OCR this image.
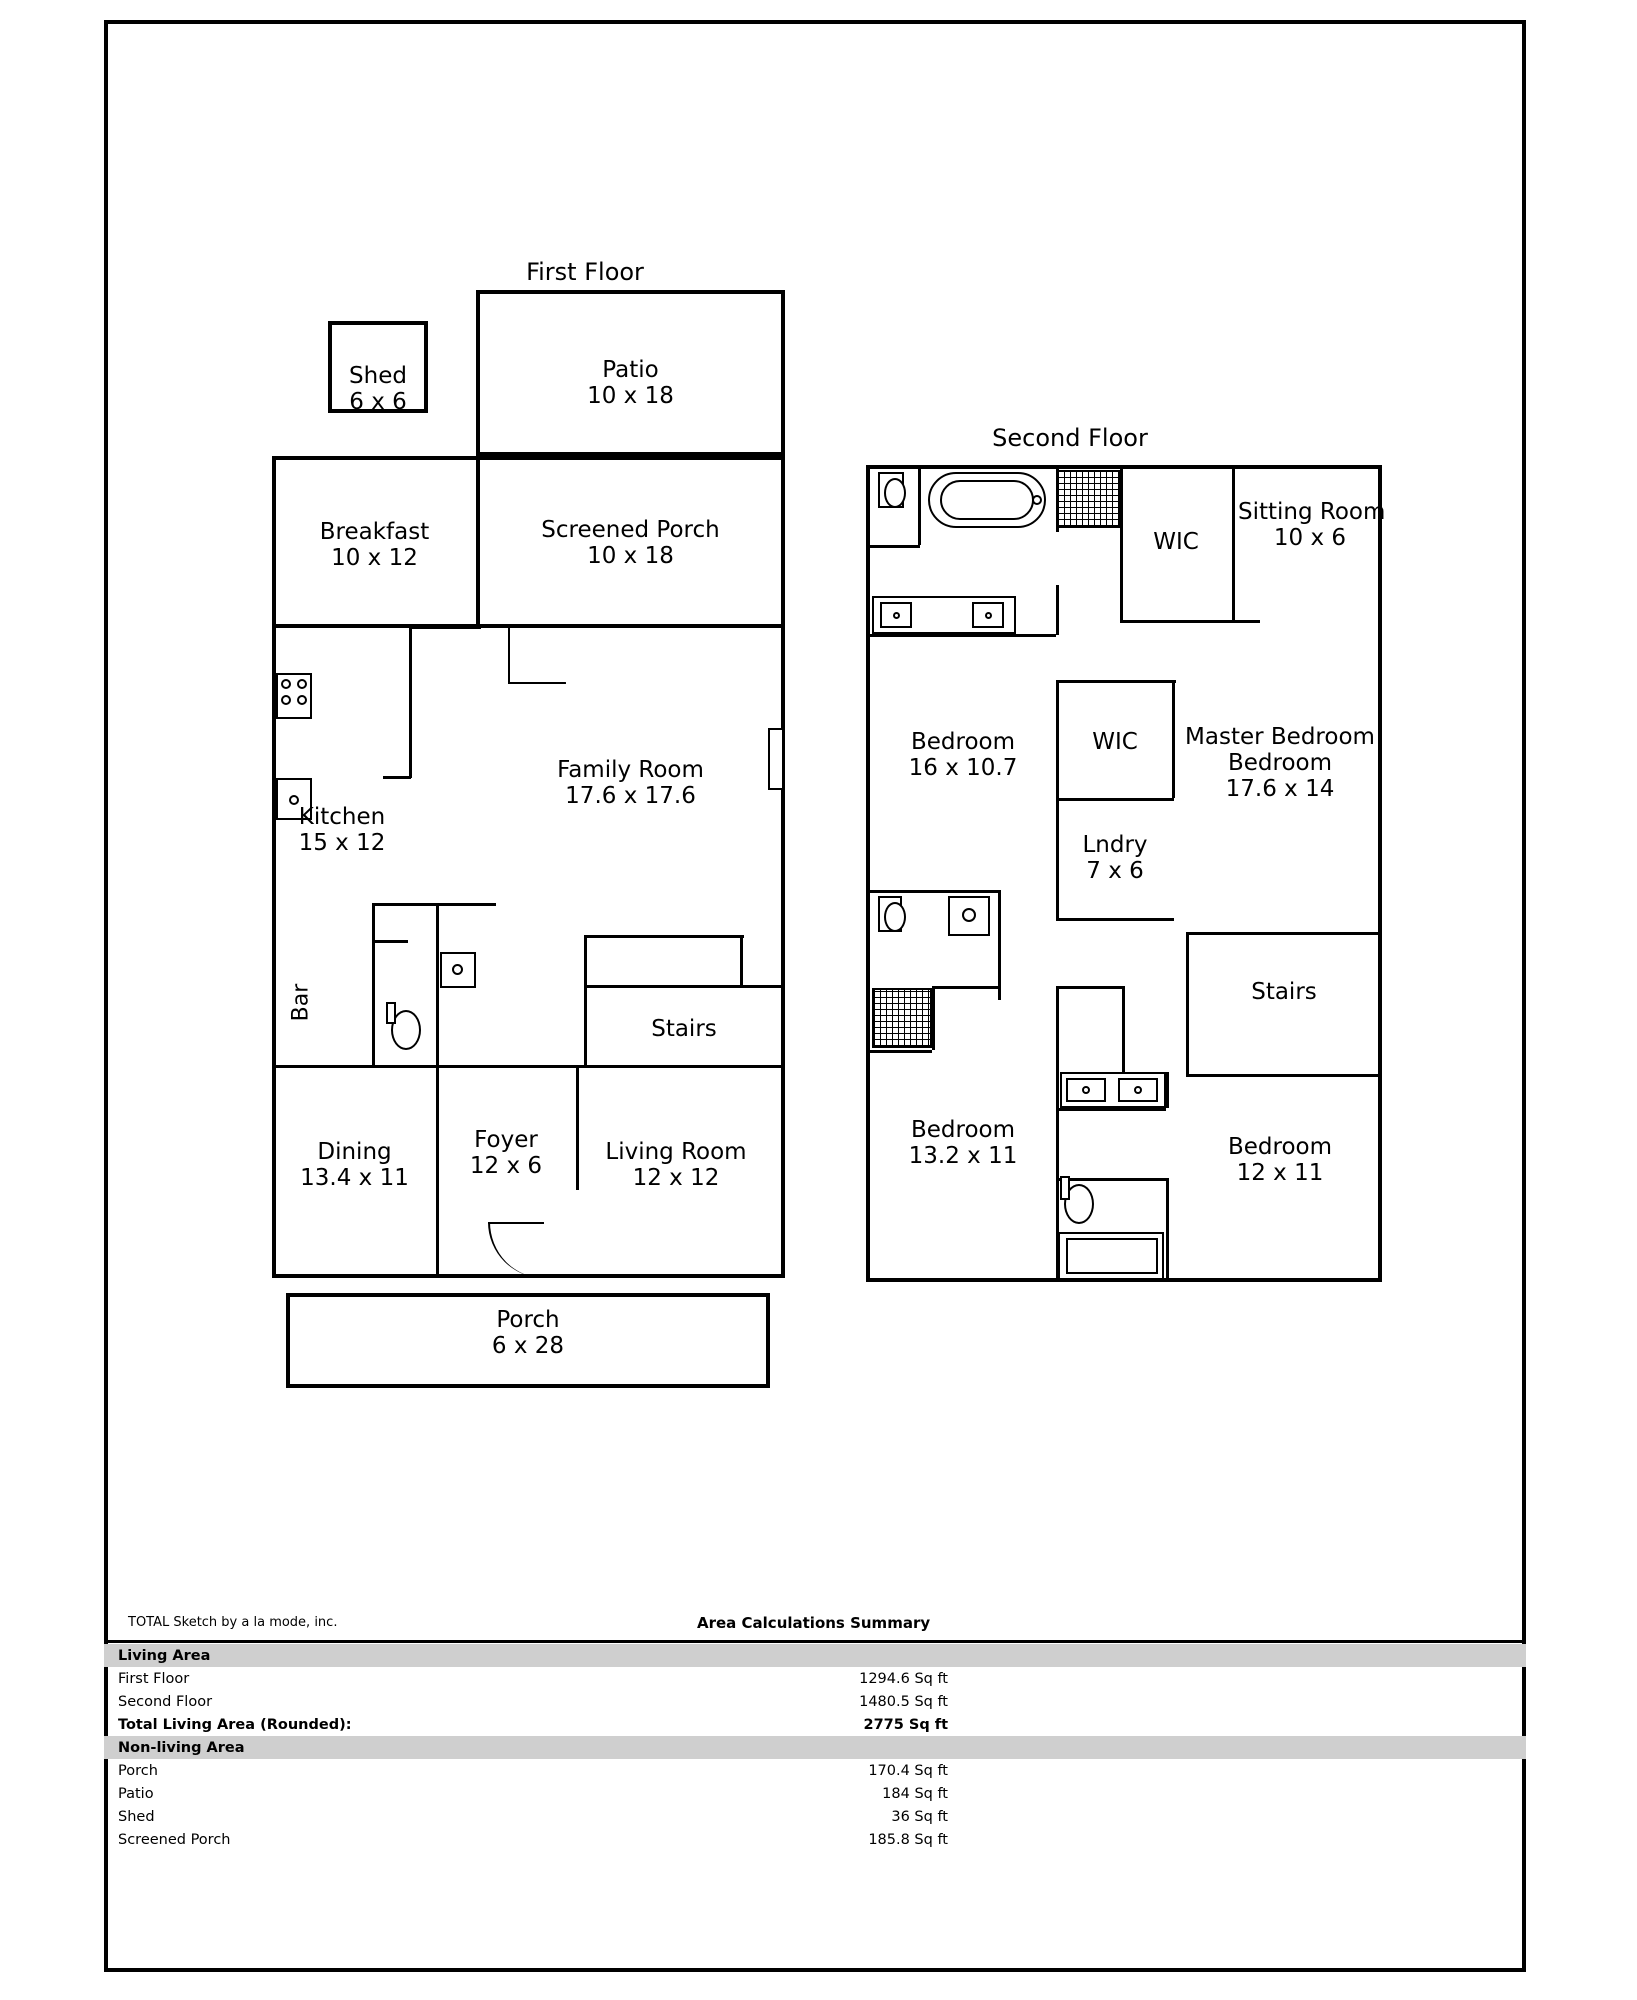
First Floor
Shed
6 x 6
Patio
10 x 18
Breakfast
10 x 12
Screened Porch
10 x 18
Kitchen
15 x 12
Bar
Family Room
17.6 x 17.6
Stairs
Dining
13.4 x 11
Foyer
12 x 6
Living Room
12 x 12
Porch
6 x 28
Second Floor
WIC
Sitting Room
10 x 6
Bedroom
16 x 10.7
WIC
Lndry
7 x 6
Master Bedroom
Bedroom
17.6 x 14
Stairs
Bedroom
13.2 x 11	Bedroom
12 x 11
TOTAL Sketch by a la mode, inc.	Area Calculations Summary
Living Area
First Floor	1294.6 Sq ft
Second Floor	1480.5 Sq ft
Total Living Area (Rounded):	2775 Sq ft
Non-living Area
Porch	170.4 Sq ft
Patio	184 Sq ft
Shed	36 Sq ft
Screened Porch	185.8 Sq ft
